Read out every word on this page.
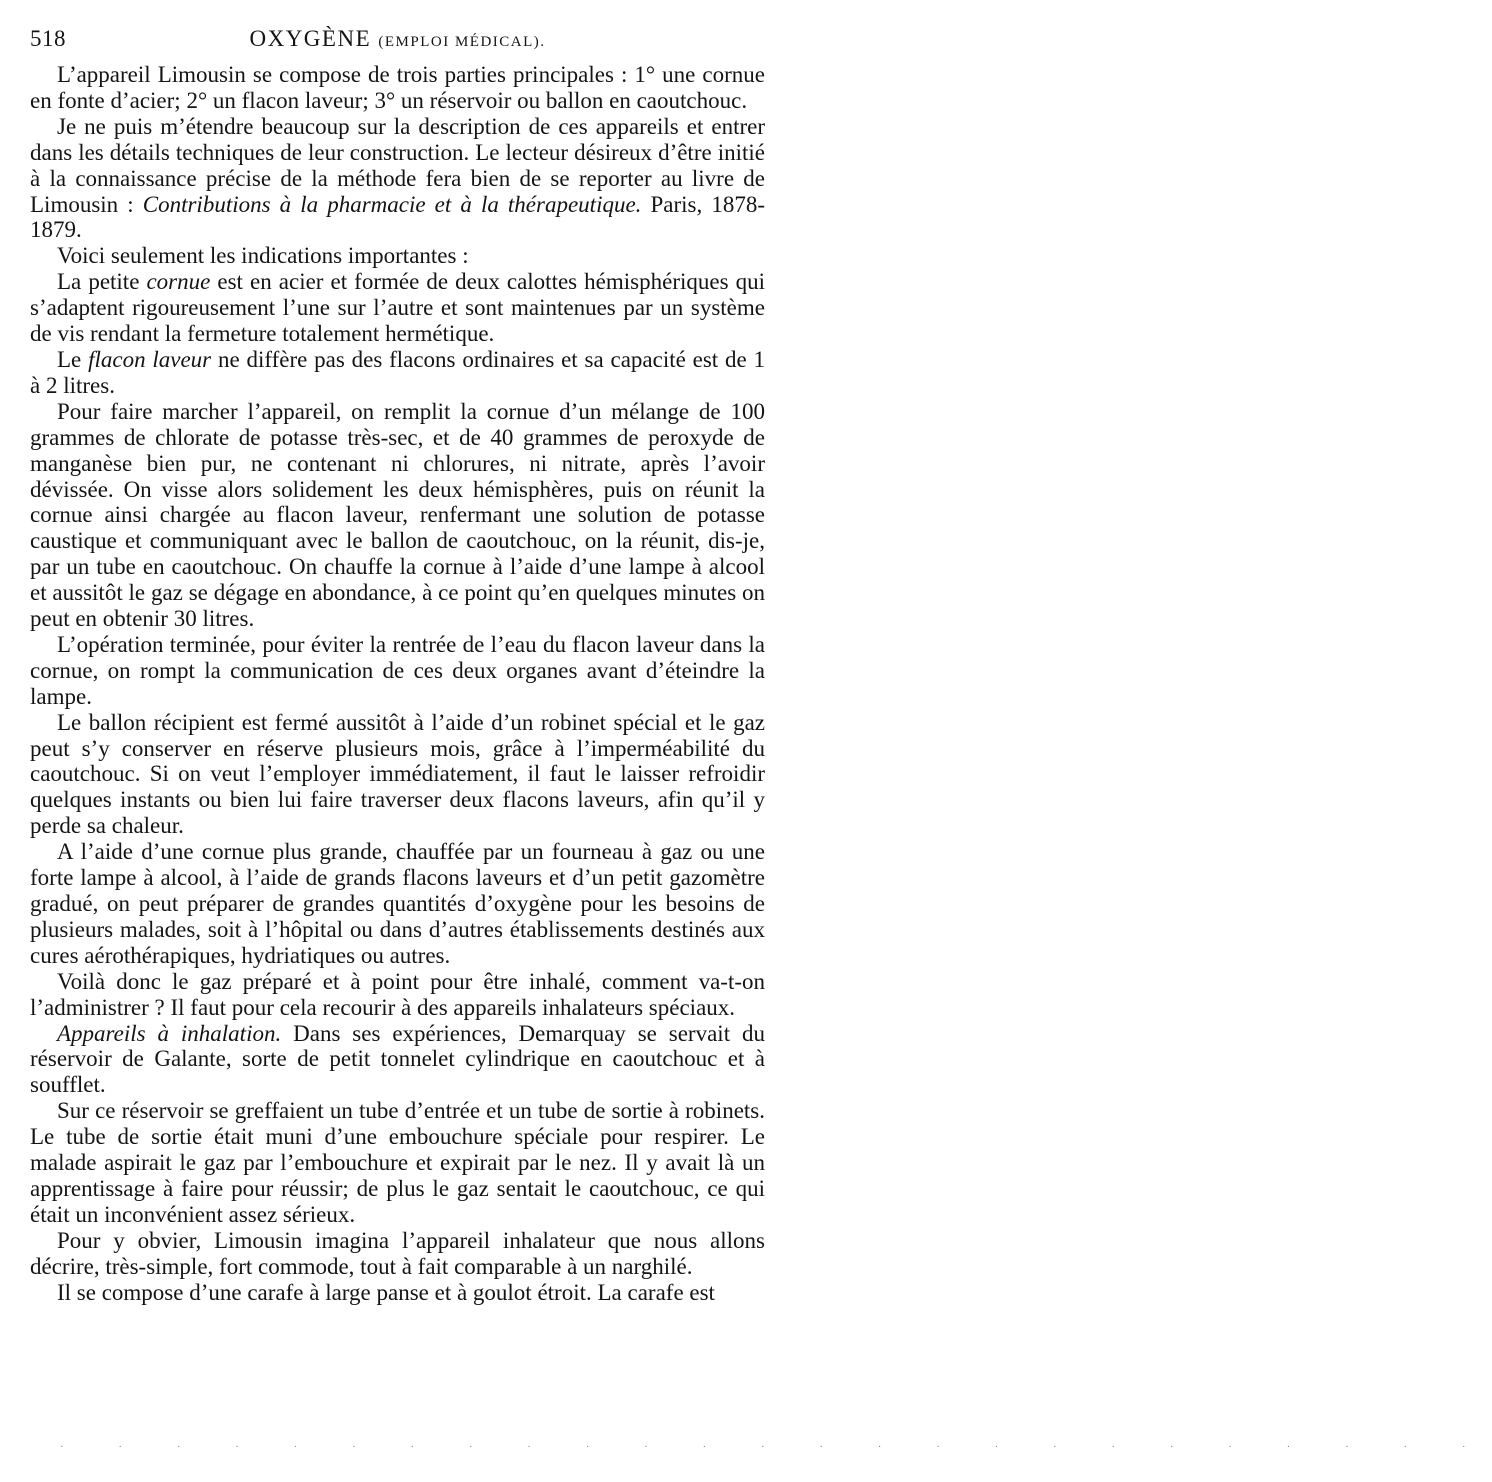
518	OXYGÈNE (EMPLOI MÉDICAL).

L’appareil Limousin se compose de trois parties principales : 1° une cornue en fonte d’acier; 2° un flacon laveur; 3° un réservoir ou ballon en caoutchouc.

Je ne puis m’étendre beaucoup sur la description de ces appareils et entrer dans les détails techniques de leur construction. Le lecteur désireux d’être initié à la connaissance précise de la méthode fera bien de se reporter au livre de Limousin : Contributions à la pharmacie et à la thérapeutique. Paris, 1878-1879.

Voici seulement les indications importantes :

La petite cornue est en acier et formée de deux calottes hémisphériques qui s’adaptent rigoureusement l’une sur l’autre et sont maintenues par un système de vis rendant la fermeture totalement hermétique.

Le flacon laveur ne diffère pas des flacons ordinaires et sa capacité est de 1 à 2 litres.

Pour faire marcher l’appareil, on remplit la cornue d’un mélange de 100 grammes de chlorate de potasse très-sec, et de 40 grammes de peroxyde de manganèse bien pur, ne contenant ni chlorures, ni nitrate, après l’avoir dévissée. On visse alors solidement les deux hémisphères, puis on réunit la cornue ainsi chargée au flacon laveur, renfermant une solution de potasse caustique et communiquant avec le ballon de caoutchouc, on la réunit, dis-je, par un tube en caoutchouc. On chauffe la cornue à l’aide d’une lampe à alcool et aussitôt le gaz se dégage en abondance, à ce point qu’en quelques minutes on peut en obtenir 30 litres.

L’opération terminée, pour éviter la rentrée de l’eau du flacon laveur dans la cornue, on rompt la communication de ces deux organes avant d’éteindre la lampe.

Le ballon récipient est fermé aussitôt à l’aide d’un robinet spécial et le gaz peut s’y conserver en réserve plusieurs mois, grâce à l’imperméabilité du caoutchouc. Si on veut l’employer immédiatement, il faut le laisser refroidir quelques instants ou bien lui faire traverser deux flacons laveurs, afin qu’il y perde sa chaleur.

A l’aide d’une cornue plus grande, chauffée par un fourneau à gaz ou une forte lampe à alcool, à l’aide de grands flacons laveurs et d’un petit gazomètre gradué, on peut préparer de grandes quantités d’oxygène pour les besoins de plusieurs malades, soit à l’hôpital ou dans d’autres établissements destinés aux cures aérothérapiques, hydriatiques ou autres.

Voilà donc le gaz préparé et à point pour être inhalé, comment va-t-on l’administrer ? Il faut pour cela recourir à des appareils inhalateurs spéciaux.

Appareils à inhalation. Dans ses expériences, Demarquay se servait du réservoir de Galante, sorte de petit tonnelet cylindrique en caoutchouc et à soufflet.

Sur ce réservoir se greffaient un tube d’entrée et un tube de sortie à robinets. Le tube de sortie était muni d’une embouchure spéciale pour respirer. Le malade aspirait le gaz par l’embouchure et expirait par le nez. Il y avait là un apprentissage à faire pour réussir; de plus le gaz sentait le caoutchouc, ce qui était un inconvénient assez sérieux.

Pour y obvier, Limousin imagina l’appareil inhalateur que nous allons décrire, très-simple, fort commode, tout à fait comparable à un narghilé.

Il se compose d’une carafe à large panse et à goulot étroit. La carafe est

· · · · · · · · · · · · · · · · · · · · · · · · ·
